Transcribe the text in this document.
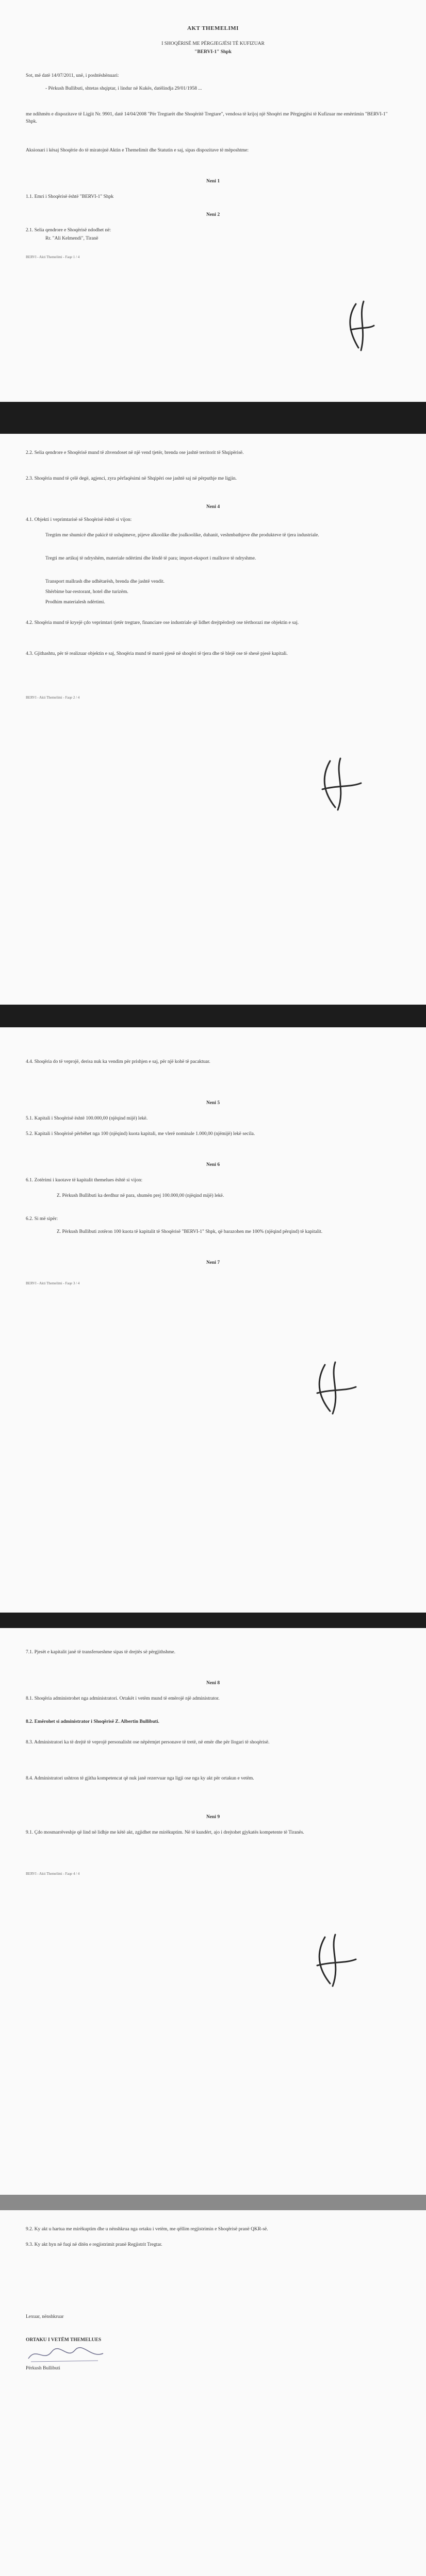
AKT THEMELIMI
I SHOQËRISË ME PËRGJEGJËSI TË KUFIZUAR
"BERVI-1" Shpk
Sot, më datë 14/07/2011, unë, i poshtëshënuari:
- Përkush Bullibuti, shtetas shqiptar, i lindur në Kukës, datëlindja 29/01/1958 ...
me ndihmën e dispozitave të Ligjit Nr. 9901, datë 14/04/2008 "Për Tregtarët dhe Shoqëritë Tregtare", vendosa të krijoj një Shoqëri me Përgjegjësi të Kufizuar me emërtimin "BERVI-1" Shpk.
Aksionari i kësaj Shoqërie do të miratojnë Aktin e Themelimit dhe Statutin e saj, sipas dispozitave të mëposhtme:
Neni 1
1.1. Emri i Shoqërisë është "BERVI-1" Shpk
Neni 2
2.1. Selia qendrore e Shoqërisë ndodhet në:
Rr. "Ali Kelmendi", Tiranë
BERVI - Akti Themelimi - Faqe 1 / 4
2.2. Selia qendrore e Shoqërisë mund të zhvendoset në një vend tjetër, brenda ose jashtë territorit të Shqipërisë.
2.3. Shoqëria mund të çelë degë, agjenci, zyra përfaqësimi në Shqipëri ose jashtë saj në përputhje me ligjin.
Neni 4
4.1. Objekti i veprimtarisë së Shoqërisë është si vijon:
Tregtim me shumicë dhe pakicë të ushqimeve, pijeve alkoolike dhe joalkoolike, duhanit, veshmbathjeve dhe produkteve të tjera industriale.
Tregti me artikuj të ndryshëm, materiale ndërtimi dhe lëndë të para; import-eksport i mallrave të ndryshme.
Transport mallrash dhe udhëtarësh, brenda dhe jashtë vendit.
Shërbime bar-restorant, hotel dhe turizëm.
Prodhim materialesh ndërtimi.
4.2. Shoqëria mund të kryejë çdo veprimtari tjetër tregtare, financiare ose industriale që lidhet drejtpërdrejt ose tërthorazi me objektin e saj.
4.3. Gjithashtu, për të realizuar objektin e saj, Shoqëria mund të marrë pjesë në shoqëri të tjera dhe të blejë ose të shesë pjesë kapitali.
BERVI - Akti Themelimi - Faqe 2 / 4
4.4. Shoqëria do të veprojë, derisa nuk ka vendim për prishjen e saj, për një kohë të pacaktuar.
Neni 5
5.1. Kapitali i Shoqërisë është 100.000,00 (njëqind mijë) lekë.
5.2. Kapitali i Shoqërisë përbëhet nga 100 (njëqind) kuota kapitali, me vlerë nominale 1.000,00 (njëmijë) lekë secila.
Neni 6
6.1. Zotërimi i kuotave të kapitalit themelues është si vijon:
Z. Përkush Bullibuti ka derdhur në para, shumën prej 100.000,00 (njëqind mijë) lekë.
6.2. Si më sipër:
Z. Përkush Bullibuti zotëron 100 kuota të kapitalit të Shoqërisë "BERVI-1" Shpk, që barazohen me 100% (njëqind përqind) të kapitalit.
Neni 7
BERVI - Akti Themelimi - Faqe 3 / 4
7.1. Pjesët e kapitalit janë të transferueshme sipas të drejtës së përgjithshme.
Neni 8
8.1. Shoqëria administrohet nga administratori. Ortakët i vetëm mund të emërojë një administrator.
8.2. Emërohet si administrator i Shoqërisë Z. Albertin Bullibuti.
8.3. Administratori ka të drejtë të veprojë personalisht ose nëpërmjet personave të tretë, në emër dhe për llogari të shoqërisë.
8.4. Administratori ushtron të gjitha kompetencat që nuk janë rezervuar nga ligji ose nga ky akt për ortakun e vetëm.
Neni 9
9.1. Çdo mosmarrëveshje që lind në lidhje me këtë akt, zgjidhet me mirëkuptim. Në të kundërt, ajo i drejtohet gjykatës kompetente të Tiranës.
BERVI - Akti Themelimi - Faqe 4 / 4
9.2. Ky akt u hartua me mirëkuptim dhe u nënshkrua nga ortaku i vetëm, me qëllim regjistrimin e Shoqërisë pranë QKR-së.
9.3. Ky akt hyn në fuqi në ditën e regjistrimit pranë Regjistrit Tregtar.
Lexuar, nënshkruar
ORTAKU I VETËM THEMELUES
Përkush Bullibuti
